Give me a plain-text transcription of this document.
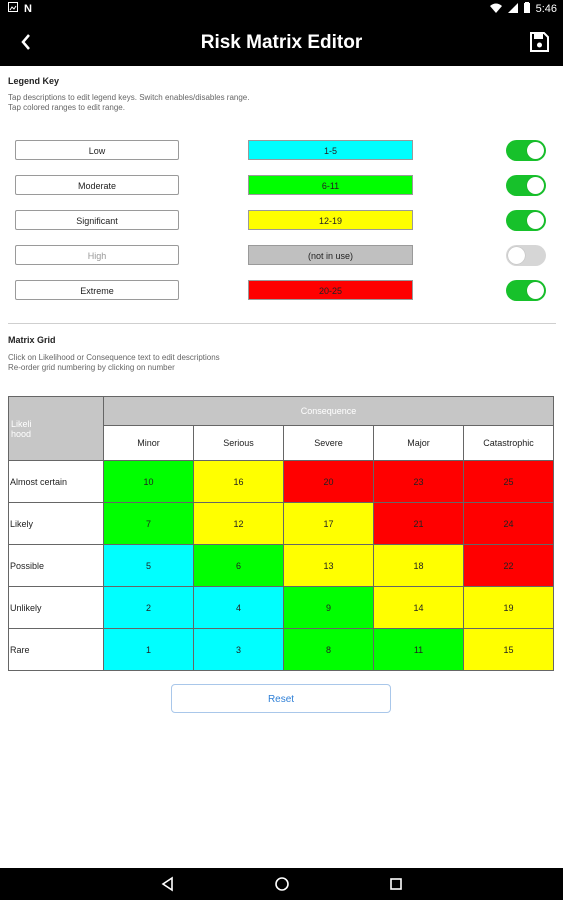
N	5:46
Risk Matrix Editor
Legend Key
Tap descriptions to edit legend keys. Switch enables/disables range.
Tap colored ranges to edit range.
Low	1-5
Moderate	6-11
Significant	12-19
High	(not in use)
Extreme	20-25
Matrix Grid
Click on Likelihood or Consequence text to edit descriptions
Re-order grid numbering by clicking on number
Likeli
hood	Consequence				
	Minor	Serious	Severe	Major	Catastrophic
Almost certain	10	16	20	23	25
Likely	7	12	17	21	24
Possible	5	6	13	18	22
Unlikely	2	4	9	14	19
Rare	1	3	8	11	15
Reset
